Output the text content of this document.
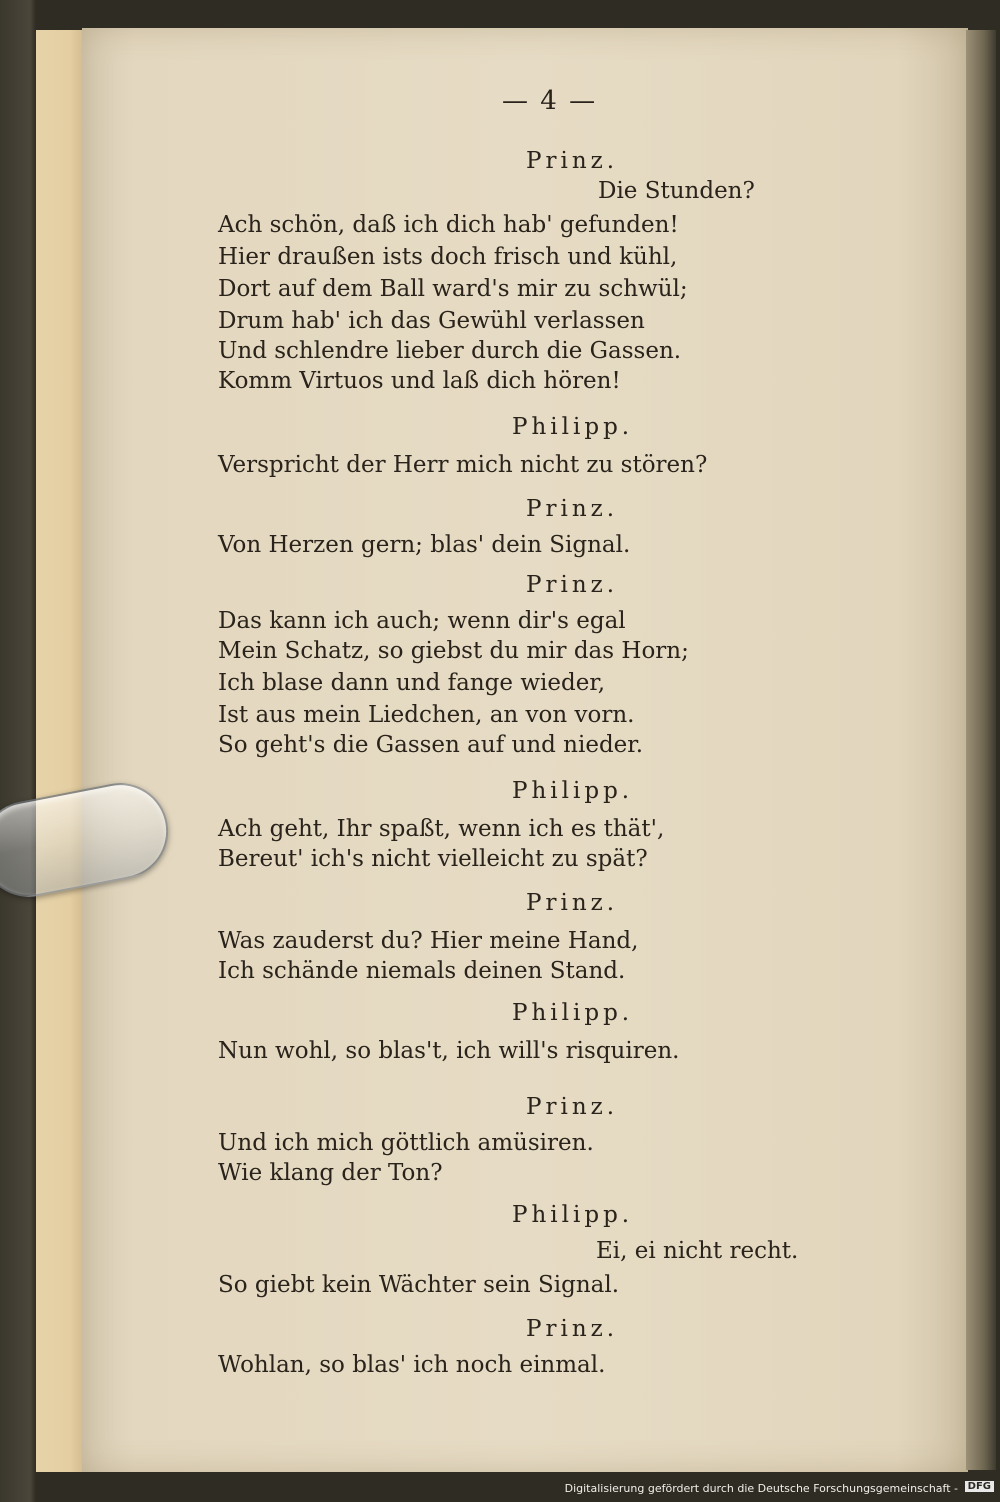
— 4 —
Prinz.
Die Stunden?
Ach schön, daß ich dich hab' gefunden!
Hier draußen ists doch frisch und kühl,
Dort auf dem Ball ward's mir zu schwül;
Drum hab' ich das Gewühl verlassen
Und schlendre lieber durch die Gassen.
Komm Virtuos und laß dich hören!
Philipp.
Verspricht der Herr mich nicht zu stören?
Prinz.
Von Herzen gern; blas' dein Signal.
Prinz.
Das kann ich auch; wenn dir's egal
Mein Schatz, so giebst du mir das Horn;
Ich blase dann und fange wieder,
Ist aus mein Liedchen, an von vorn.
So geht's die Gassen auf und nieder.
Philipp.
Ach geht, Ihr spaßt, wenn ich es thät',
Bereut' ich's nicht vielleicht zu spät?
Prinz.
Was zauderst du? Hier meine Hand,
Ich schände niemals deinen Stand.
Philipp.
Nun wohl, so blas't, ich will's risquiren.
Prinz.
Und ich mich göttlich amüsiren.
Wie klang der Ton?
Philipp.
Ei, ei nicht recht.
So giebt kein Wächter sein Signal.
Prinz.
Wohlan, so blas' ich noch einmal.
Digitalisierung gefördert durch die Deutsche Forschungsgemeinschaft - DFG
